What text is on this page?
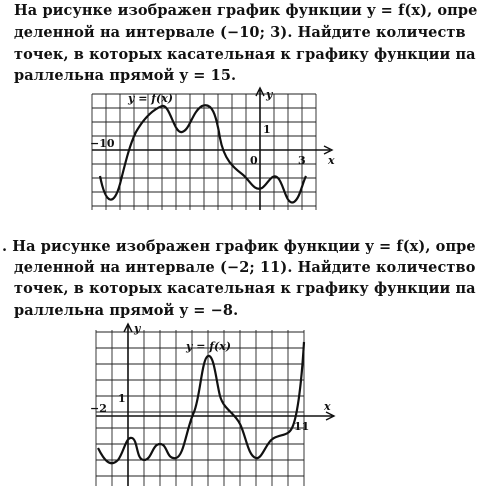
На рисунке изображен график функции y = f(x), опре
деленной на интервале (−10; 3). Найдите количеств
точек, в которых касательная к графику функции па
раллельна прямой y = 15.
y = f(x)	y
x
−10
0	3
1
. На рисунке изображен график функции y = f(x), опре
деленной на интервале (−2; 11). Найдите количество
точек, в которых касательная к графику функции па
раллельна прямой y = −8.
y = f(x)
y
x
−2
11
1
